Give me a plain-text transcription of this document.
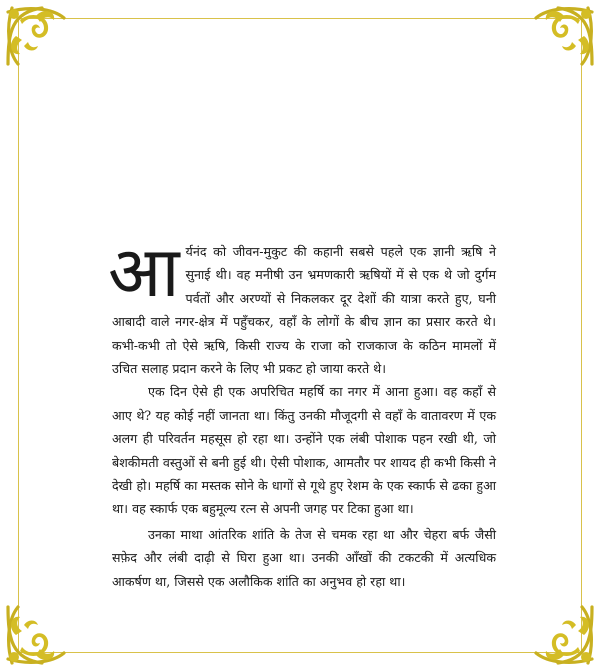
आर्यनंद को जीवन-मुकुट की कहानी सबसे पहले एक ज्ञानी ऋषि ने सुनाई थी। वह मनीषी उन भ्रमणकारी ऋषियों में से एक थे जो दुर्गम पर्वतों और अरण्यों से निकलकर दूर देशों की यात्रा करते हुए, घनी आबादी वाले नगर-क्षेत्र में पहुँचकर, वहाँ के लोगों के बीच ज्ञान का प्रसार करते थे। कभी-कभी तो ऐसे ऋषि, किसी राज्य के राजा को राजकाज के कठिन मामलों में उचित सलाह प्रदान करने के लिए भी प्रकट हो जाया करते थे।

एक दिन ऐसे ही एक अपरिचित महर्षि का नगर में आना हुआ। वह कहाँ से आए थे? यह कोई नहीं जानता था। किंतु उनकी मौजूदगी से वहाँ के वातावरण में एक अलग ही परिवर्तन महसूस हो रहा था। उन्होंने एक लंबी पोशाक पहन रखी थी, जो बेशकीमती वस्तुओं से बनी हुई थी। ऐसी पोशाक, आमतौर पर शायद ही कभी किसी ने देखी हो। महर्षि का मस्तक सोने के धागों से गूथे हुए रेशम के एक स्कार्फ से ढका हुआ था। वह स्कार्फ एक बहुमूल्य रत्न से अपनी जगह पर टिका हुआ था।

उनका माथा आंतरिक शांति के तेज से चमक रहा था और चेहरा बर्फ जैसी सफ़ेद और लंबी दाढ़ी से घिरा हुआ था। उनकी आँखों की टकटकी में अत्यधिक आकर्षण था, जिससे एक अलौकिक शांति का अनुभव हो रहा था।
